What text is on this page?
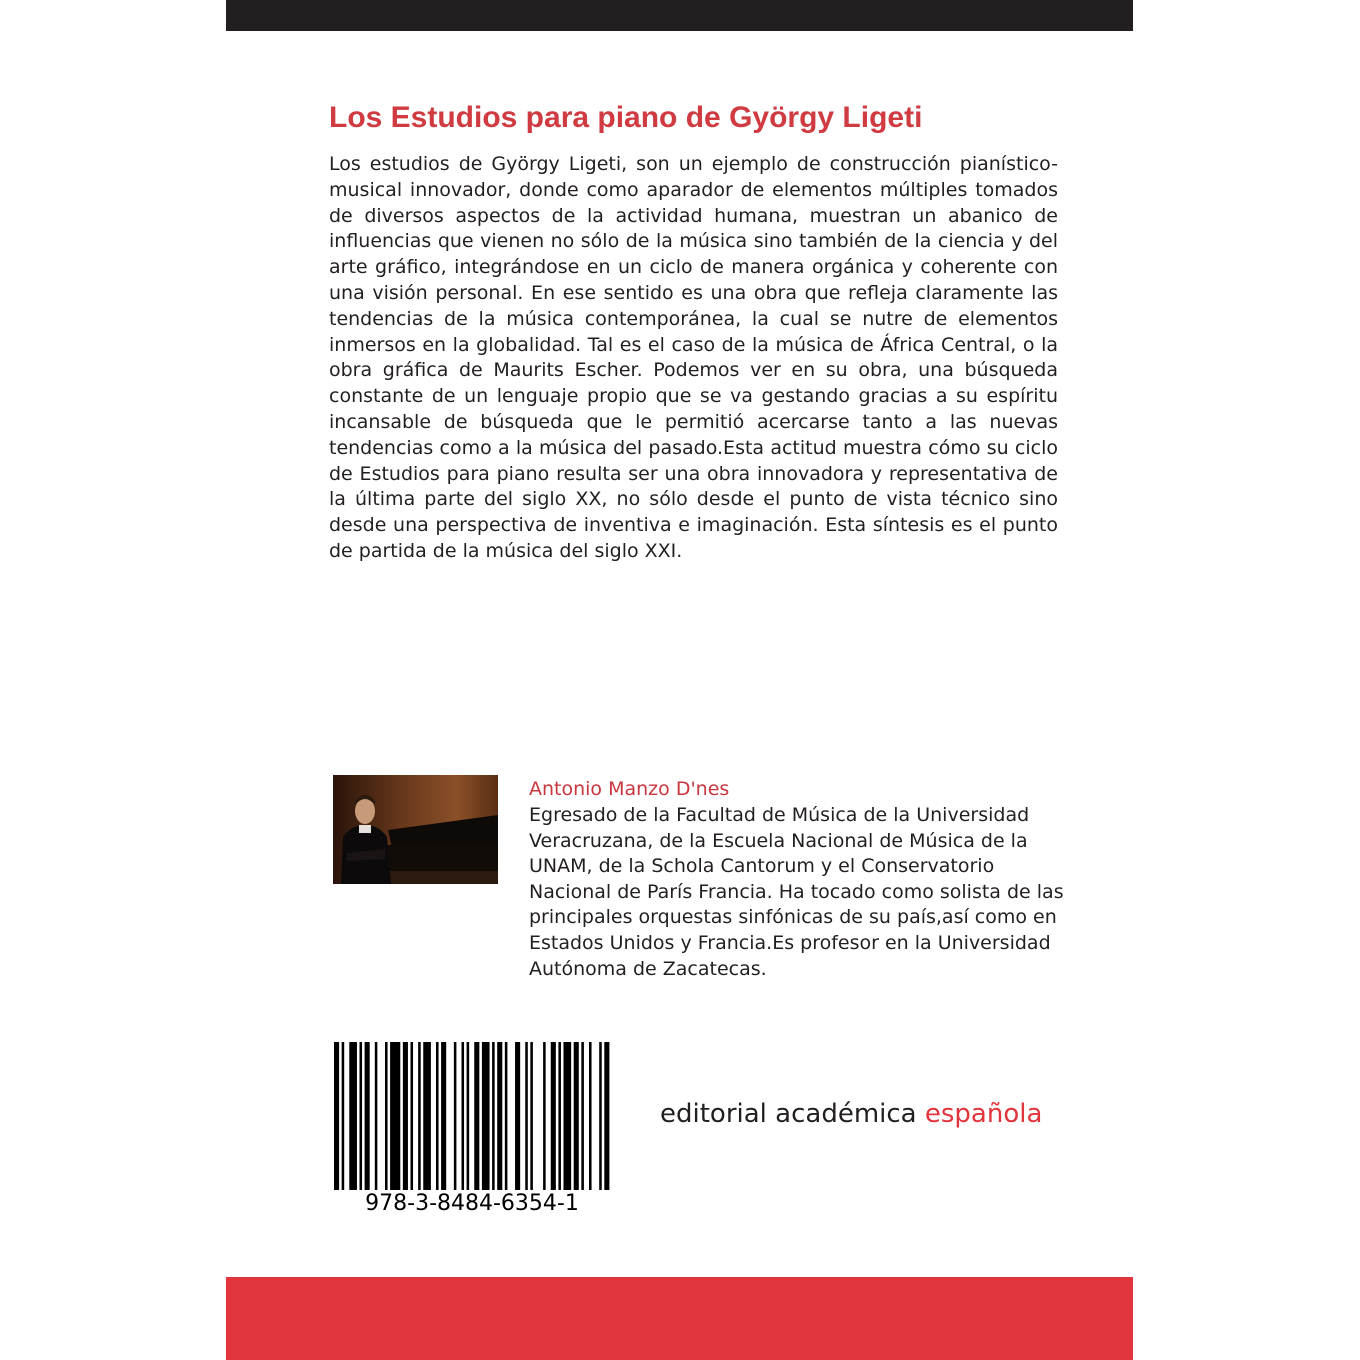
Los Estudios para piano de György Ligeti

Los estudios de György Ligeti, son un ejemplo de construcción pianístico-musical innovador, donde como aparador de elementos múltiples tomados de diversos aspectos de la actividad humana, muestran un abanico de influencias que vienen no sólo de la música sino también de la ciencia y del arte gráfico, integrándose en un ciclo de manera orgánica y coherente con una visión personal. En ese sentido es una obra que refleja claramente las tendencias de la música contemporánea, la cual se nutre de elementos inmersos en la globalidad. Tal es el caso de la música de África Central, o la obra gráfica de Maurits Escher. Podemos ver en su obra, una búsqueda constante de un lenguaje propio que se va gestando gracias a su espíritu incansable de búsqueda que le permitió acercarse tanto a las nuevas tendencias como a la música del pasado.Esta actitud muestra cómo su ciclo de Estudios para piano resulta ser una obra innovadora y representativa de la última parte del siglo XX, no sólo desde el punto de vista técnico sino desde una perspectiva de inventiva e imaginación. Esta síntesis es el punto de partida de la música del siglo XXI.

Antonio Manzo D'nes

Egresado de la Facultad de Música de la Universidad Veracruzana, de la Escuela Nacional de Música de la UNAM, de la Schola Cantorum y el Conservatorio Nacional de París Francia. Ha tocado como solista de las principales orquestas sinfónicas de su país,así como en Estados Unidos y Francia.Es profesor en la Universidad Autónoma de Zacatecas.

978-3-8484-6354-1

editorial académica española
